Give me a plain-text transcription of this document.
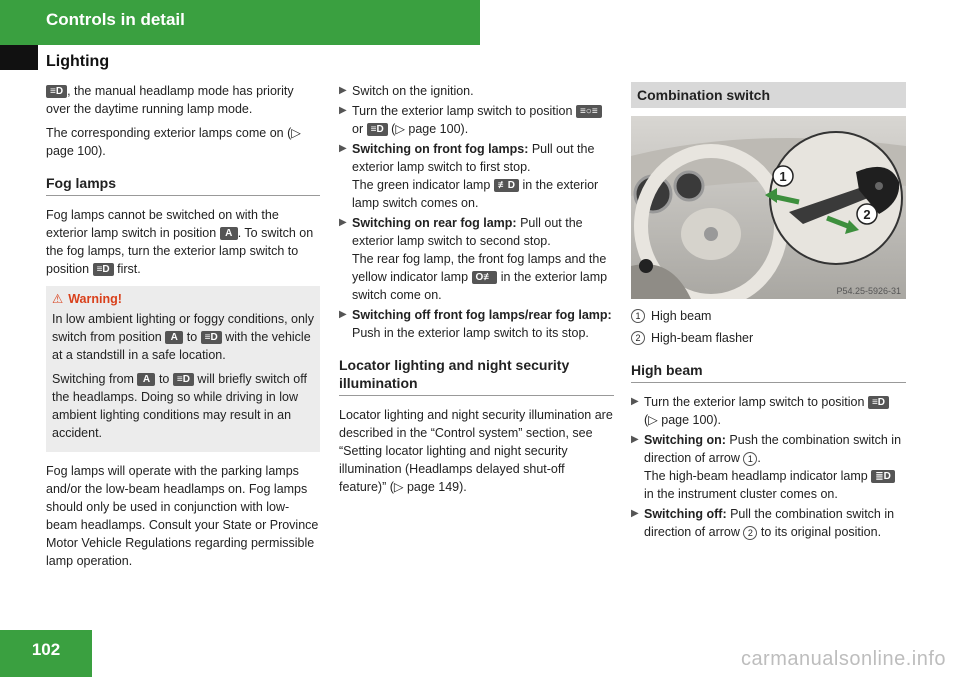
Controls in detail
Lighting

≡D , the manual headlamp mode has priority over the daytime running lamp mode.

The corresponding exterior lamps come on (▷ page 100).

Fog lamps

Fog lamps cannot be switched on with the exterior lamp switch in position A . To switch on the fog lamps, turn the exterior lamp switch to position ≡D first.

⚠ Warning!

In low ambient lighting or foggy conditions, only switch from position A to ≡D with the vehicle at a standstill in a safe location.

Switching from A to ≡D will briefly switch off the headlamps. Doing so while driving in low ambient lighting conditions may result in an accident.

Fog lamps will operate with the parking lamps and/or the low-beam headlamps on. Fog lamps should only be used in conjunction with low-beam headlamps. Consult your State or Province Motor Vehicle Regulations regarding permissible lamp operation.

▶ Switch on the ignition.
▶ Turn the exterior lamp switch to position ≡○≡ or ≡D (▷ page 100).
▶ Switching on front fog lamps: Pull out the exterior lamp switch to first stop.
The green indicator lamp ≢D in the exterior lamp switch comes on.
▶ Switching on rear fog lamp: Pull out the exterior lamp switch to second stop.
The rear fog lamp, the front fog lamps and the yellow indicator lamp O≢ in the exterior lamp switch come on.
▶ Switching off front fog lamps/rear fog lamp: Push in the exterior lamp switch to its stop.
Locator lighting and night security illumination

Locator lighting and night security illumination are described in the “Control system” section, see “Setting locator lighting and night security illumination (Headlamps delayed shut-off feature)” (▷ page 149).

Combination switch
1
2
P54.25-5926-31
1 High beam
2 High-beam flasher
High beam
▶ Turn the exterior lamp switch to position ≡D (▷ page 100).
▶ Switching on: Push the combination switch in direction of arrow 1 .
The high-beam headlamp indicator lamp ≣D in the instrument cluster comes on.
▶ Switching off: Pull the combination switch in direction of arrow 2 to its original position.
102	carmanualsonline.info
